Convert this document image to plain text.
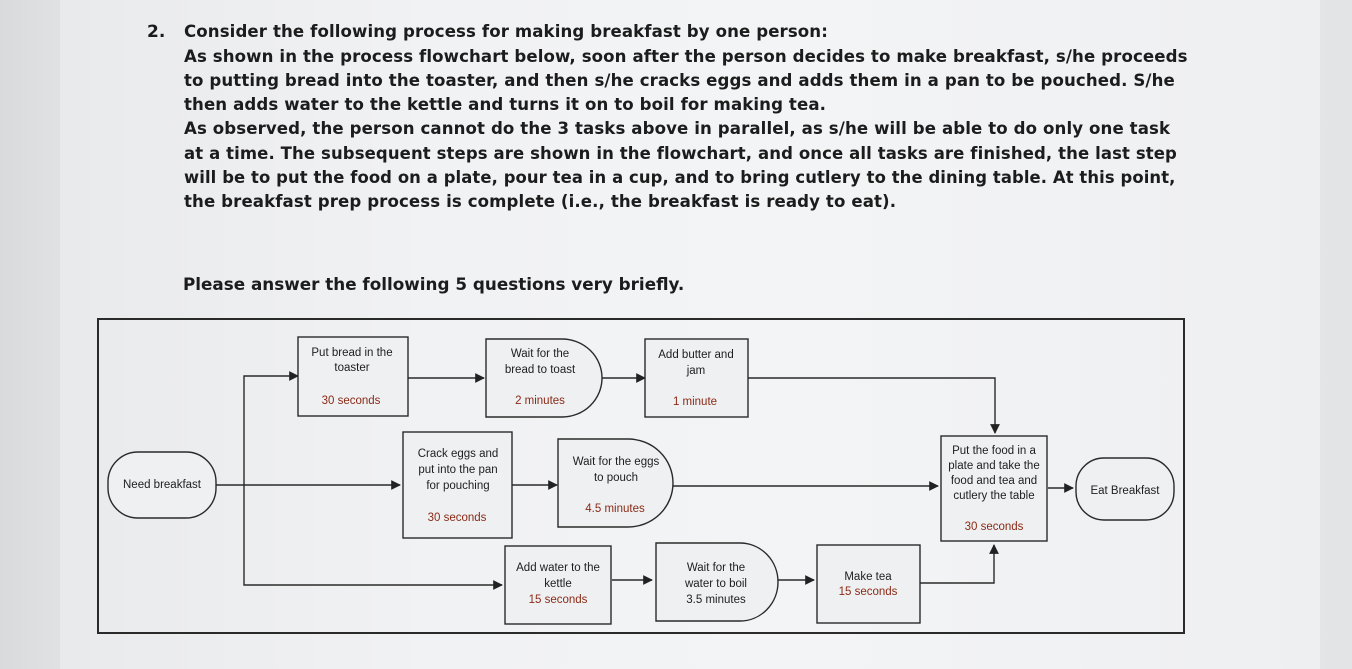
2. Consider the following process for making breakfast by one person:
As shown in the process flowchart below, soon after the person decides to make breakfast, s/he proceeds
to putting bread into the toaster, and then s/he cracks eggs and adds them in a pan to be pouched. S/he
then adds water to the kettle and turns it on to boil for making tea.
As observed, the person cannot do the 3 tasks above in parallel, as s/he will be able to do only one task
at a time. The subsequent steps are shown in the flowchart, and once all tasks are finished, the last step
will be to put the food on a plate, pour tea in a cup, and to bring cutlery to the dining table. At this point,
the breakfast prep process is complete (i.e., the breakfast is ready to eat).
Please answer the following 5 questions very briefly.
Need breakfast	Eat Breakfast
Put bread in the
toaster
30 seconds
Wait for the
bread to toast
2 minutes
Add butter and
jam
1 minute
Crack eggs and
put into the pan
for pouching
30 seconds
Wait for the eggs
to pouch
4.5 minutes
Put the food in a
plate and take the
food and tea and
cutlery the table
30 seconds
Add water to the
kettle
15 seconds
Wait for the
water to boil
3.5 minutes
Make tea
15 seconds
